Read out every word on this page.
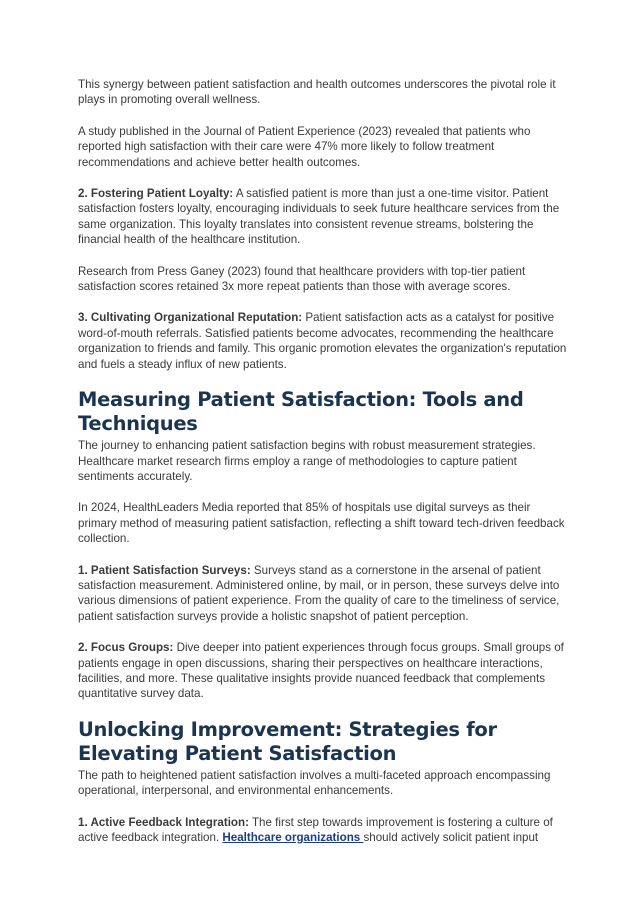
This synergy between patient satisfaction and health outcomes underscores the pivotal role it plays in promoting overall wellness.

A study published in the Journal of Patient Experience (2023) revealed that patients who reported high satisfaction with their care were 47% more likely to follow treatment recommendations and achieve better health outcomes.

2. Fostering Patient Loyalty: A satisfied patient is more than just a one-time visitor. Patient satisfaction fosters loyalty, encouraging individuals to seek future healthcare services from the same organization. This loyalty translates into consistent revenue streams, bolstering the financial health of the healthcare institution.

Research from Press Ganey (2023) found that healthcare providers with top-tier patient satisfaction scores retained 3x more repeat patients than those with average scores.

3. Cultivating Organizational Reputation: Patient satisfaction acts as a catalyst for positive word-of-mouth referrals. Satisfied patients become advocates, recommending the healthcare organization to friends and family. This organic promotion elevates the organization's reputation and fuels a steady influx of new patients.

Measuring Patient Satisfaction: Tools and Techniques

The journey to enhancing patient satisfaction begins with robust measurement strategies. Healthcare market research firms employ a range of methodologies to capture patient sentiments accurately.

In 2024, HealthLeaders Media reported that 85% of hospitals use digital surveys as their primary method of measuring patient satisfaction, reflecting a shift toward tech-driven feedback collection.

1. Patient Satisfaction Surveys: Surveys stand as a cornerstone in the arsenal of patient satisfaction measurement. Administered online, by mail, or in person, these surveys delve into various dimensions of patient experience. From the quality of care to the timeliness of service, patient satisfaction surveys provide a holistic snapshot of patient perception.

2. Focus Groups: Dive deeper into patient experiences through focus groups. Small groups of patients engage in open discussions, sharing their perspectives on healthcare interactions, facilities, and more. These qualitative insights provide nuanced feedback that complements quantitative survey data.

Unlocking Improvement: Strategies for Elevating Patient Satisfaction

The path to heightened patient satisfaction involves a multi-faceted approach encompassing operational, interpersonal, and environmental enhancements.

1. Active Feedback Integration: The first step towards improvement is fostering a culture of active feedback integration. Healthcare organizations should actively solicit patient input
